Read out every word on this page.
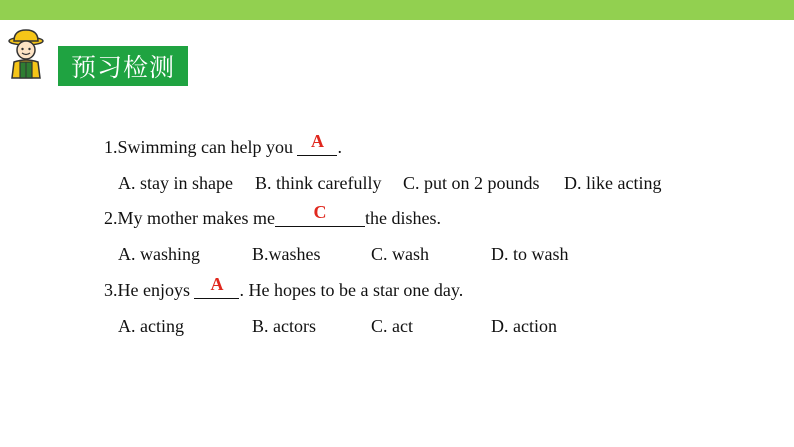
预习检测
1.Swimming can help you A .
A. stay in shape B. think carefully C. put on 2 pounds D. like acting
2.My mother makes me	C	the dishes.
A. washing	B.washes	C. wash	D. to wash
3.He enjoys A . He hopes to be a star one day.
A. acting	B. actors	C. act	D. action
